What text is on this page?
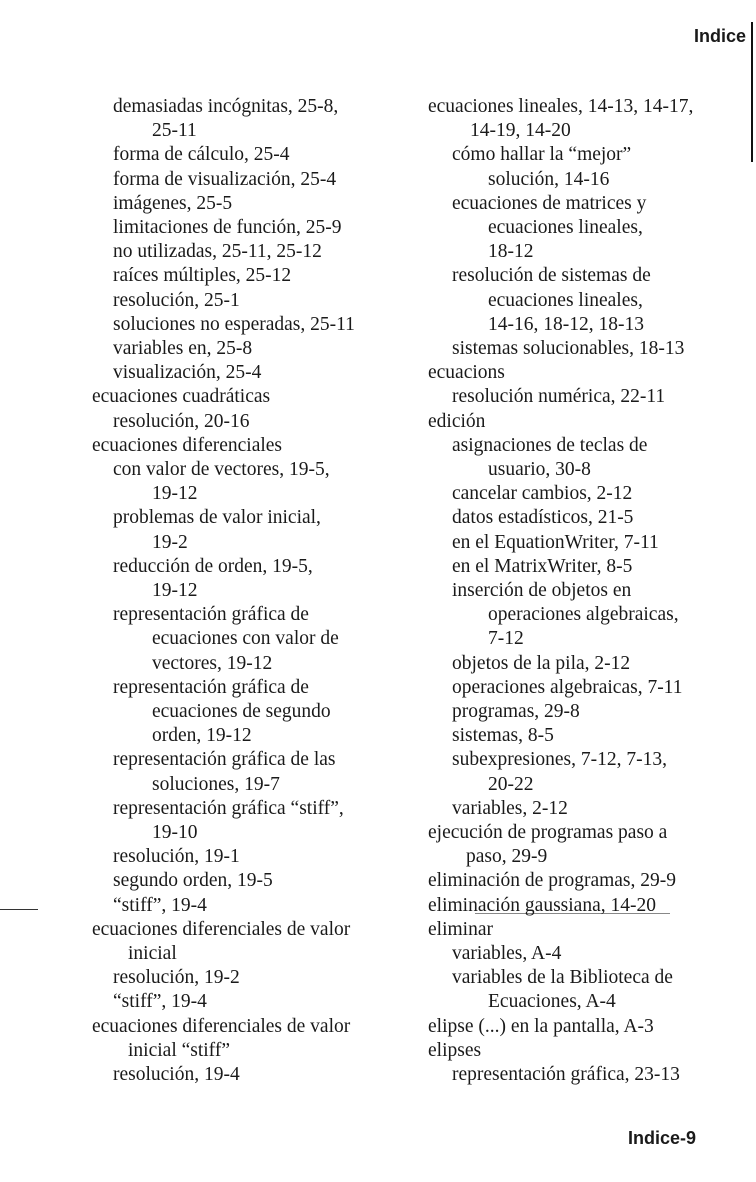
Indice
demasiadas incógnitas, 25-8,
25-11
forma de cálculo, 25-4
forma de visualización, 25-4
imágenes, 25-5
limitaciones de función, 25-9
no utilizadas, 25-11, 25-12
raíces múltiples, 25-12
resolución, 25-1
soluciones no esperadas, 25-11
variables en, 25-8
visualización, 25-4
ecuaciones cuadráticas
resolución, 20-16
ecuaciones diferenciales
con valor de vectores, 19-5,
19-12
problemas de valor inicial,
19-2
reducción de orden, 19-5,
19-12
representación gráfica de
ecuaciones con valor de
vectores, 19-12
representación gráfica de
ecuaciones de segundo
orden, 19-12
representación gráfica de las
soluciones, 19-7
representación gráfica “stiff”,
19-10
resolución, 19-1
segundo orden, 19-5
“stiff”, 19-4
ecuaciones diferenciales de valor
inicial
resolución, 19-2
“stiff”, 19-4
ecuaciones diferenciales de valor
inicial “stiff”
resolución, 19-4
ecuaciones lineales, 14-13, 14-17,
14-19, 14-20
cómo hallar la “mejor”
solución, 14-16
ecuaciones de matrices y
ecuaciones lineales,
18-12
resolución de sistemas de
ecuaciones lineales,
14-16, 18-12, 18-13
sistemas solucionables, 18-13
ecuacions
resolución numérica, 22-11
edición
asignaciones de teclas de
usuario, 30-8
cancelar cambios, 2-12
datos estadísticos, 21-5
en el EquationWriter, 7-11
en el MatrixWriter, 8-5
inserción de objetos en
operaciones algebraicas,
7-12
objetos de la pila, 2-12
operaciones algebraicas, 7-11
programas, 29-8
sistemas, 8-5
subexpresiones, 7-12, 7-13,
20-22
variables, 2-12
ejecución de programas paso a
paso, 29-9
eliminación de programas, 29-9
eliminación gaussiana, 14-20
eliminar
variables, A-4
variables de la Biblioteca de
Ecuaciones, A-4
elipse (...) en la pantalla, A-3
elipses
representación gráfica, 23-13
Indice-9
